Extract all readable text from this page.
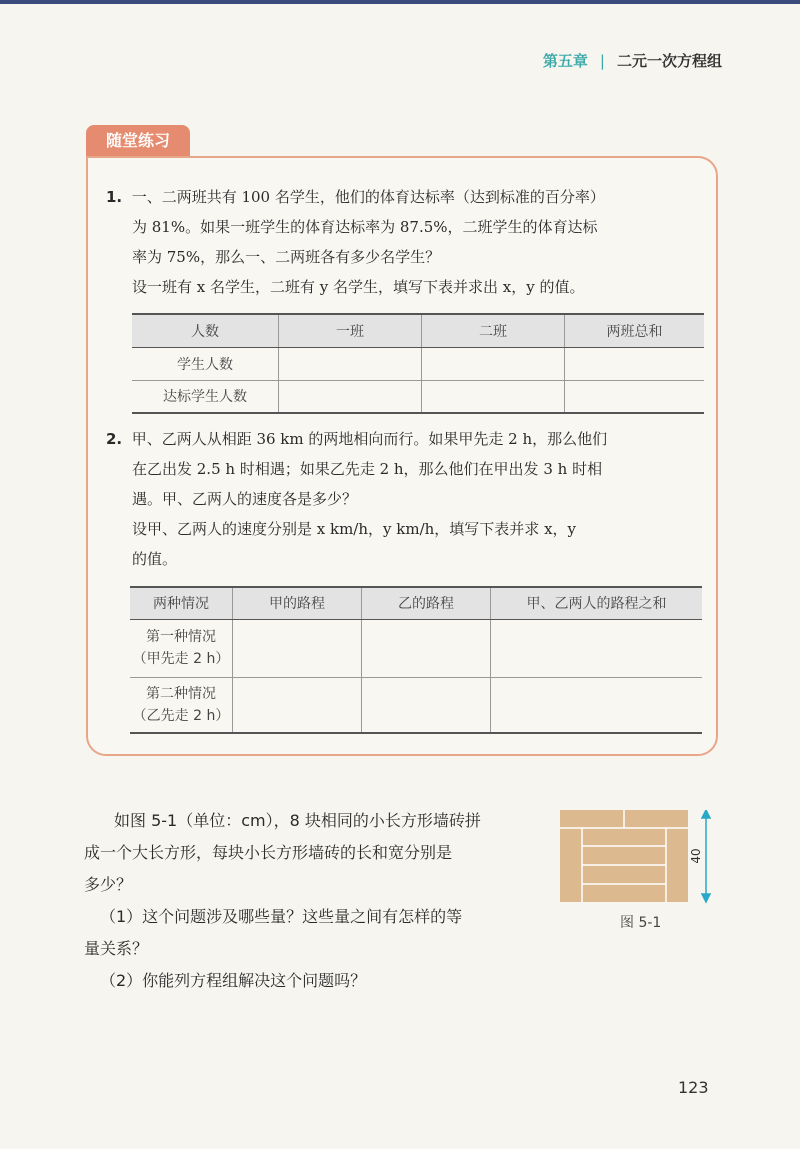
第五章 | 二元一次方程组
随堂练习
1. 一、二两班共有 100 名学生，他们的体育达标率（达到标准的百分率）
为 81%。如果一班学生的体育达标率为 87.5%，二班学生的体育达标
率为 75%，那么一、二两班各有多少名学生？
设一班有 x 名学生，二班有 y 名学生，填写下表并求出 x，y 的值。
人数	一班	二班	两班总和
学生人数			
达标学生人数			
2. 甲、乙两人从相距 36 km 的两地相向而行。如果甲先走 2 h，那么他们
在乙出发 2.5 h 时相遇；如果乙先走 2 h，那么他们在甲出发 3 h 时相
遇。甲、乙两人的速度各是多少？
设甲、乙两人的速度分别是 x km/h，y km/h，填写下表并求 x，y
的值。
两种情况	甲的路程	乙的路程	甲、乙两人的路程之和

第一种情况
（甲先走 2 h）			

第二种情况
（乙先走 2 h）			

如图 5-1（单位：cm），8 块相同的小长方形墙砖拼
成一个大长方形，每块小长方形墙砖的长和宽分别是
多少？
（1）这个问题涉及哪些量？这些量之间有怎样的等
量关系？
（2）你能列方程组解决这个问题吗？
40
图 5-1
123
